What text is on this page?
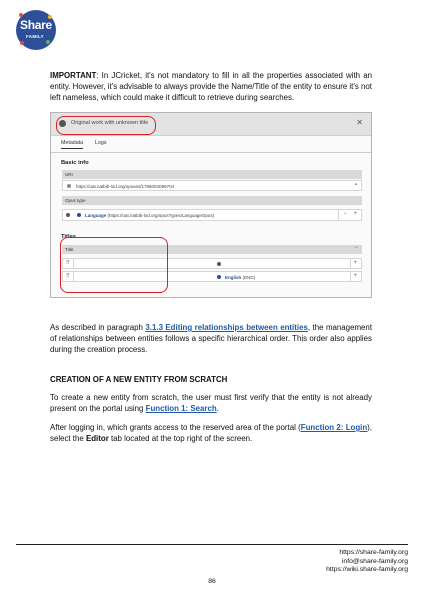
Share
FAMILY

IMPORTANT: In JCricket, it's not mandatory to fill in all the properties associated with an entity. However, it's advisable to always provide the Name/Title of the entity to ensure it's not left nameless, which could make it difficult to retrieve during searches.

Original work with unknown title	✕
Metadata Logs
Basic info
URI
https://uat.natbib-lod.org/opuses/1786004099704	▪
Opus type
Language (https://uat.natbib-lod.org/opusTypes/LanguageOpus)	− +
Titles
Title	−
⠿	+
⠿	English (ENG)	+

As described in paragraph 3.1.3 Editing relationships between entities, the management of relationships between entities follows a specific hierarchical order. This order also applies during the creation process.

CREATION OF A NEW ENTITY FROM SCRATCH

To create a new entity from scratch, the user must first verify that the entity is not already present on the portal using Function 1: Search.

After logging in, which grants access to the reserved area of the portal (Function 2: Login), select the Editor tab located at the top right of the screen.

https://share-family.org
info@share-family.org
https://wiki.share-family.org
86
